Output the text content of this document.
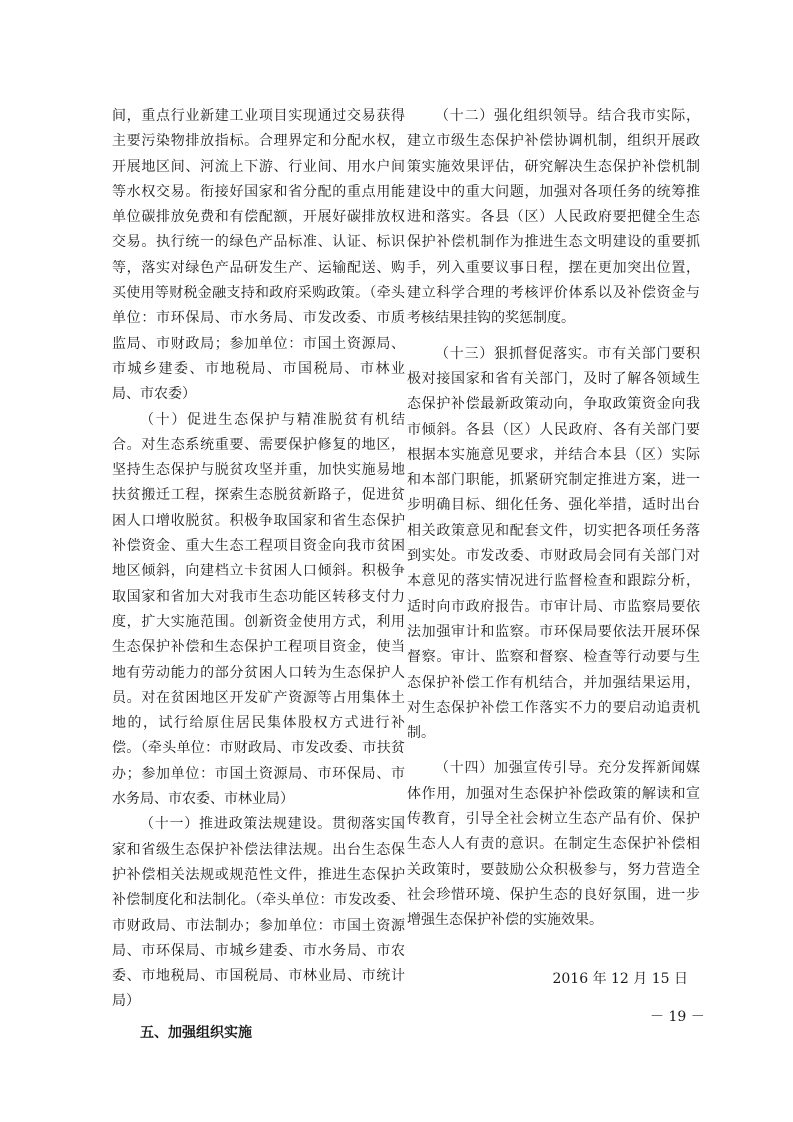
间，重点行业新建工业项目实现通过交易获得主要污染物排放指标。合理界定和分配水权，开展地区间、河流上下游、行业间、用水户间等水权交易。衔接好国家和省分配的重点用能单位碳排放免费和有偿配额，开展好碳排放权交易。执行统一的绿色产品标准、认证、标识等，落实对绿色产品研发生产、运输配送、购买使用等财税金融支持和政府采购政策。（牵头单位：市环保局、市水务局、市发改委、市质监局、市财政局；参加单位：市国土资源局、市城乡建委、市地税局、市国税局、市林业局、市农委）

（十）促进生态保护与精准脱贫有机结合。对生态系统重要、需要保护修复的地区，坚持生态保护与脱贫攻坚并重，加快实施易地扶贫搬迁工程，探索生态脱贫新路子，促进贫困人口增收脱贫。积极争取国家和省生态保护补偿资金、重大生态工程项目资金向我市贫困地区倾斜，向建档立卡贫困人口倾斜。积极争取国家和省加大对我市生态功能区转移支付力度，扩大实施范围。创新资金使用方式，利用生态保护补偿和生态保护工程项目资金，使当地有劳动能力的部分贫困人口转为生态保护人员。对在贫困地区开发矿产资源等占用集体土地的，试行给原住居民集体股权方式进行补偿。（牵头单位：市财政局、市发改委、市扶贫办；参加单位：市国土资源局、市环保局、市水务局、市农委、市林业局）

（十一）推进政策法规建设。贯彻落实国家和省级生态保护补偿法律法规。出台生态保护补偿相关法规或规范性文件，推进生态保护补偿制度化和法制化。（牵头单位：市发改委、市财政局、市法制办；参加单位：市国土资源局、市环保局、市城乡建委、市水务局、市农委、市地税局、市国税局、市林业局、市统计局）

五、加强组织实施

（十二）强化组织领导。结合我市实际，建立市级生态保护补偿协调机制，组织开展政策实施效果评估，研究解决生态保护补偿机制建设中的重大问题，加强对各项任务的统筹推进和落实。各县（区）人民政府要把健全生态保护补偿机制作为推进生态文明建设的重要抓手，列入重要议事日程，摆在更加突出位置，建立科学合理的考核评价体系以及补偿资金与考核结果挂钩的奖惩制度。

（十三）狠抓督促落实。市有关部门要积极对接国家和省有关部门，及时了解各领域生态保护补偿最新政策动向，争取政策资金向我市倾斜。各县（区）人民政府、各有关部门要根据本实施意见要求，并结合本县（区）实际和本部门职能，抓紧研究制定推进方案，进一步明确目标、细化任务、强化举措，适时出台相关政策意见和配套文件，切实把各项任务落到实处。市发改委、市财政局会同有关部门对本意见的落实情况进行监督检查和跟踪分析，适时向市政府报告。市审计局、市监察局要依法加强审计和监察。市环保局要依法开展环保督察。审计、监察和督察、检查等行动要与生态保护补偿工作有机结合，并加强结果运用，对生态保护补偿工作落实不力的要启动追责机制。

（十四）加强宣传引导。充分发挥新闻媒体作用，加强对生态保护补偿政策的解读和宣传教育，引导全社会树立生态产品有价、保护生态人人有责的意识。在制定生态保护补偿相关政策时，要鼓励公众积极参与，努力营造全社会珍惜环境、保护生态的良好氛围，进一步增强生态保护补偿的实施效果。

2016 年 12 月 15 日

－ 19 －
